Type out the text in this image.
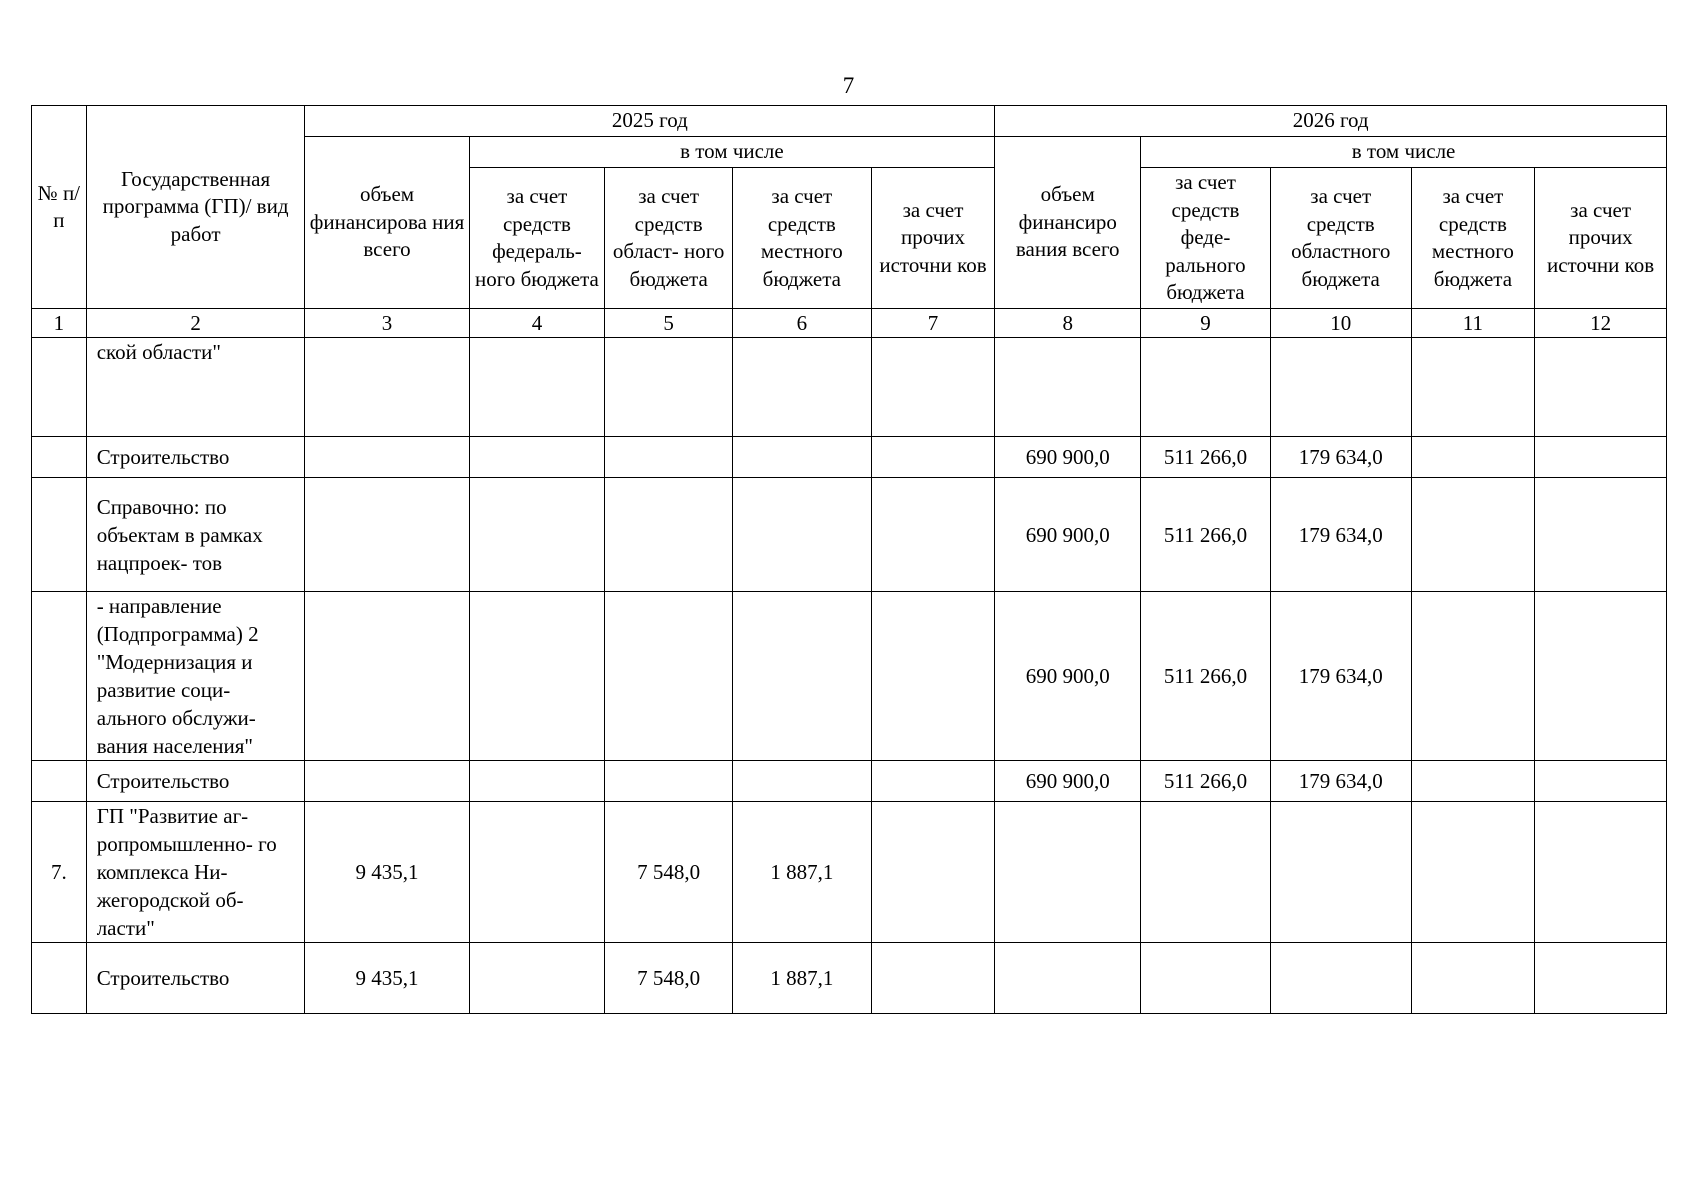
7
№ п/п	Государственная программа (ГП)/ вид работ	2025 год					2026 год				
		объем финансирова ния всего	в том числе				объем финансиро вания всего	в том числе			
			за счет средств федераль- ного бюджета	за счет средств област- ного бюджета	за счет средств местного бюджета	за счет прочих источни ков		за счет средств феде- рального бюджета	за счет средств областного бюджета	за счет средств местного бюджета	за счет прочих источни ков
1	2	3	4	5	6	7	8	9	10	11	12
	ской области"										
	Строительство						690 900,0	511 266,0	179 634,0		
	Справочно: по объектам в рамках нацпроек- тов						690 900,0	511 266,0	179 634,0		
	- направление (Подпрограмма) 2 "Модернизация и развитие соци- ального обслужи- вания населения"						690 900,0	511 266,0	179 634,0		
	Строительство						690 900,0	511 266,0	179 634,0		
7.	ГП "Развитие аг- ропромышленно- го комплекса Ни- жегородской об- ласти"	9 435,1		7 548,0	1 887,1						
	Строительство	9 435,1		7 548,0	1 887,1						
